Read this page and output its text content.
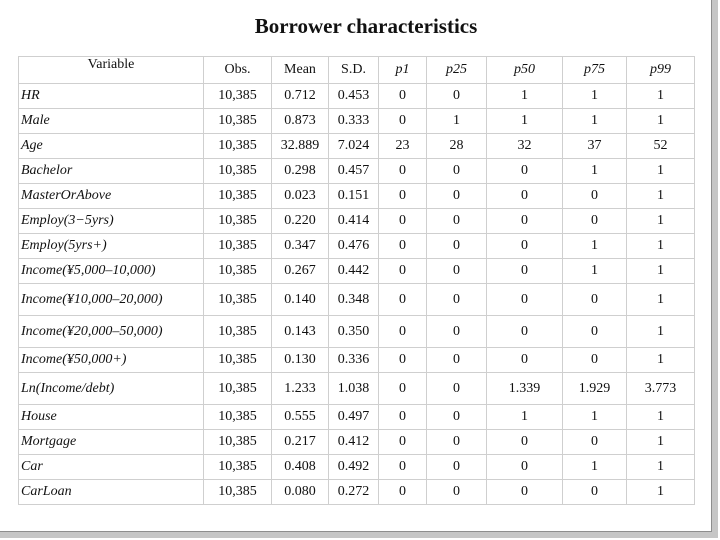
Borrower characteristics
Variable	Obs.	Mean	S.D.	p1	p25	p50	p75	p99
HR	10,385	0.712	0.453	0	0	1	1	1
Male	10,385	0.873	0.333	0	1	1	1	1
Age	10,385	32.889	7.024	23	28	32	37	52
Bachelor	10,385	0.298	0.457	0	0	0	1	1
MasterOrAbove	10,385	0.023	0.151	0	0	0	0	1
Employ(3−5yrs)	10,385	0.220	0.414	0	0	0	0	1
Employ(5yrs+)	10,385	0.347	0.476	0	0	0	1	1
Income(¥5,000–10,000)	10,385	0.267	0.442	0	0	0	1	1
Income(¥10,000–20,000)	10,385	0.140	0.348	0	0	0	0	1
Income(¥20,000–50,000)	10,385	0.143	0.350	0	0	0	0	1
Income(¥50,000+)	10,385	0.130	0.336	0	0	0	0	1
Ln(Income/debt)	10,385	1.233	1.038	0	0	1.339	1.929	3.773
House	10,385	0.555	0.497	0	0	1	1	1
Mortgage	10,385	0.217	0.412	0	0	0	0	1
Car	10,385	0.408	0.492	0	0	0	1	1
CarLoan	10,385	0.080	0.272	0	0	0	0	1
